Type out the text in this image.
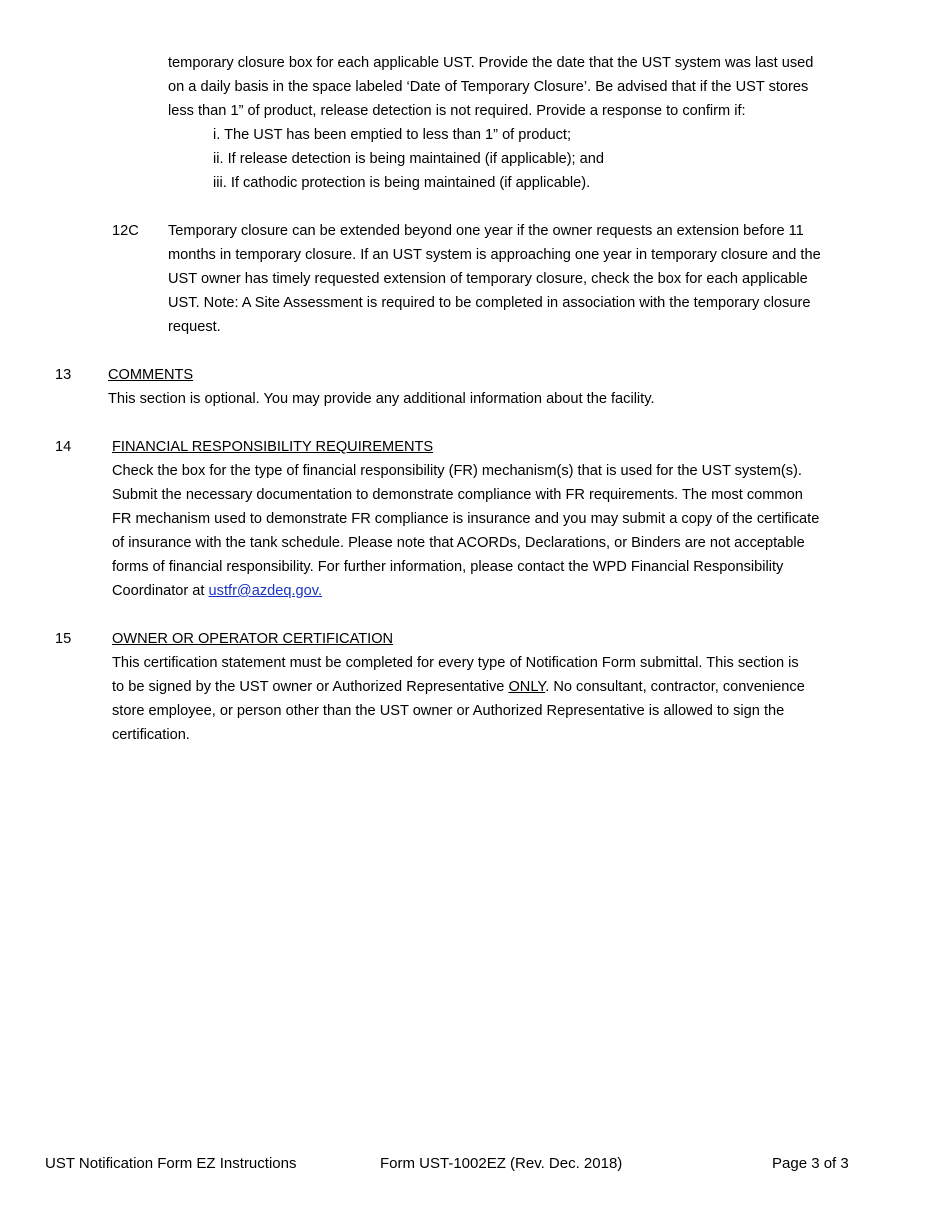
temporary closure box for each applicable UST. Provide the date that the UST system was last used
on a daily basis in the space labeled ‘Date of Temporary Closure’. Be advised that if the UST stores
less than 1” of product, release detection is not required. Provide a response to confirm if:
i. The UST has been emptied to less than 1” of product;
ii. If release detection is being maintained (if applicable); and
iii. If cathodic protection is being maintained (if applicable).
12C Temporary closure can be extended beyond one year if the owner requests an extension before 11
months in temporary closure. If an UST system is approaching one year in temporary closure and the
UST owner has timely requested extension of temporary closure, check the box for each applicable
UST. Note: A Site Assessment is required to be completed in association with the temporary closure
request.
13	COMMENTS
This section is optional. You may provide any additional information about the facility.
14	FINANCIAL RESPONSIBILITY REQUIREMENTS
Check the box for the type of financial responsibility (FR) mechanism(s) that is used for the UST system(s).
Submit the necessary documentation to demonstrate compliance with FR requirements. The most common
FR mechanism used to demonstrate FR compliance is insurance and you may submit a copy of the certificate
of insurance with the tank schedule. Please note that ACORDs, Declarations, or Binders are not acceptable
forms of financial responsibility. For further information, please contact the WPD Financial Responsibility
Coordinator at ustfr@azdeq.gov.
15	OWNER OR OPERATOR CERTIFICATION
This certification statement must be completed for every type of Notification Form submittal. This section is
to be signed by the UST owner or Authorized Representative ONLY. No consultant, contractor, convenience
store employee, or person other than the UST owner or Authorized Representative is allowed to sign the
certification.
UST Notification Form EZ Instructions	Form UST-1002EZ (Rev. Dec. 2018)	Page 3 of 3
